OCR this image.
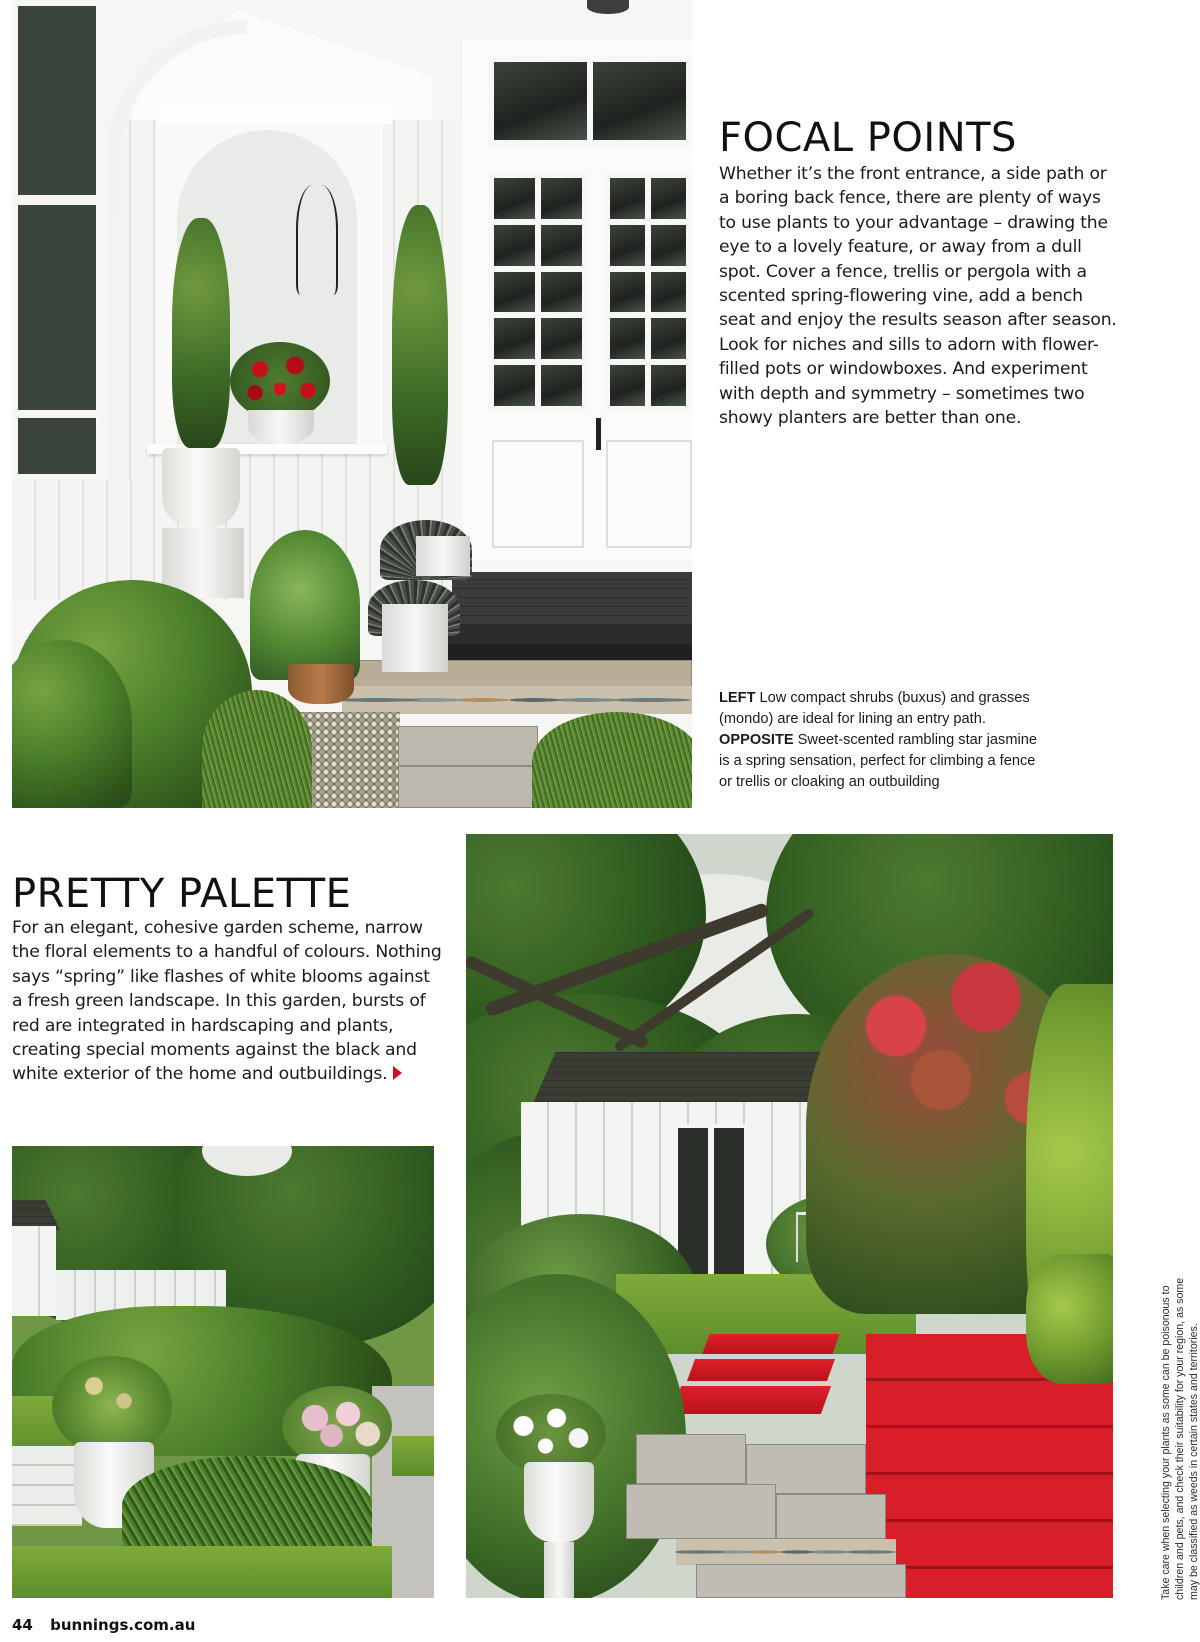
FOCAL POINTS

Whether it’s the front entrance, a side path or a boring back fence, there are plenty of ways to use plants to your advantage – drawing the eye to a lovely feature, or away from a dull spot. Cover a fence, trellis or pergola with a scented spring-flowering vine, add a bench seat and enjoy the results season after season. Look for niches and sills to adorn with flower-filled pots or windowboxes. And experiment with depth and symmetry – sometimes two showy planters are better than one.

LEFT Low compact shrubs (buxus) and grasses (mondo) are ideal for lining an entry path. OPPOSITE Sweet-scented rambling star jasmine is a spring sensation, perfect for climbing a fence or trellis or cloaking an outbuilding

PRETTY PALETTE

For an elegant, cohesive garden scheme, narrow the floral elements to a handful of colours. Nothing says “spring” like flashes of white blooms against a fresh green landscape. In this garden, bursts of red are integrated in hardscaping and plants, creating special moments against the black and white exterior of the home and outbuildings.

Take care when selecting your plants as some can be poisonous to children and pets, and check their suitability for your region, as some may be classified as weeds in certain states and territories.

44 bunnings.com.au
